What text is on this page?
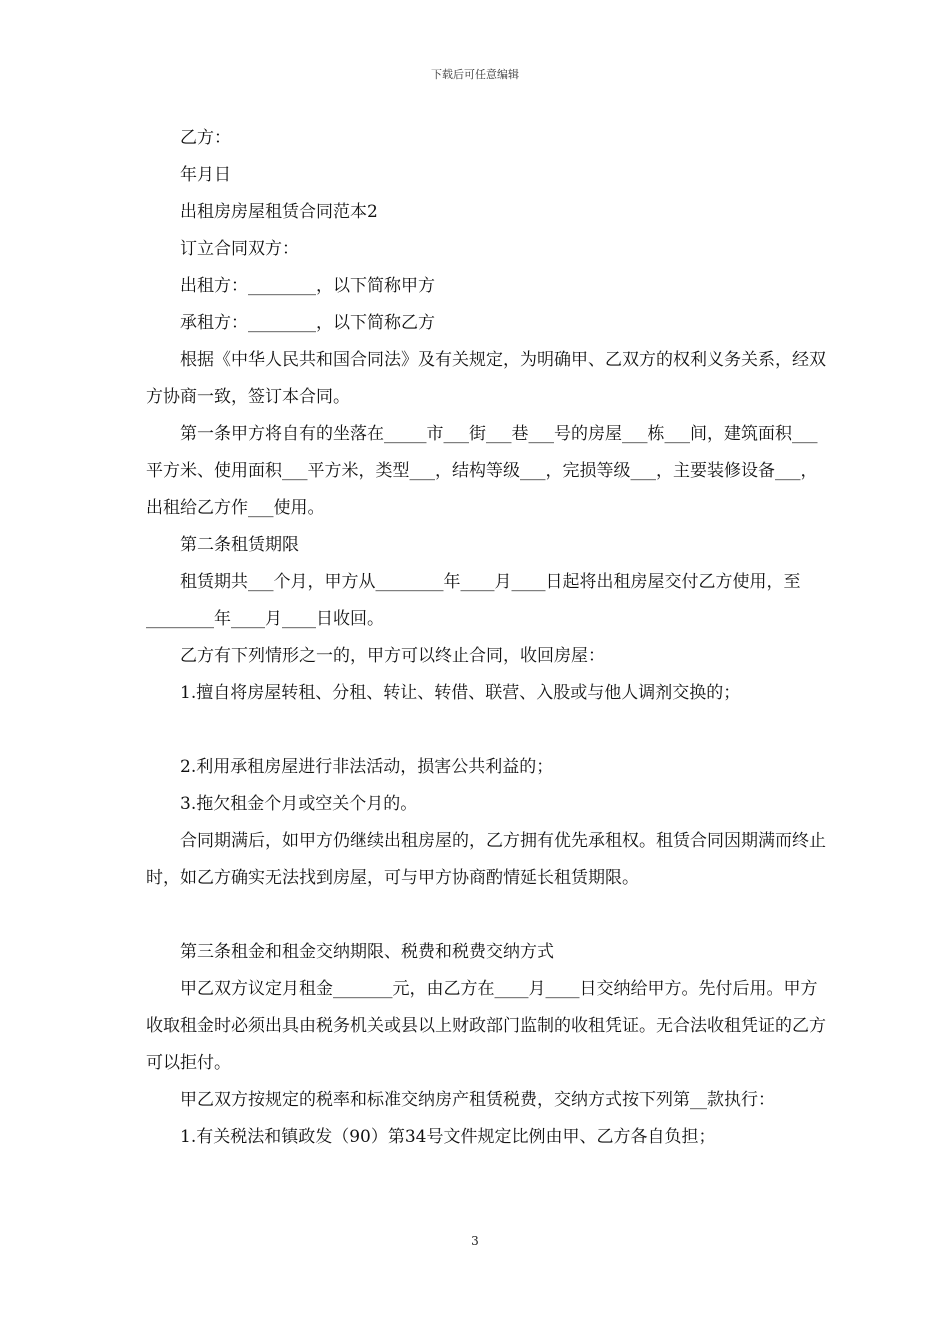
下载后可任意编辑

乙方：

年月日

出租房房屋租赁合同范本2

订立合同双方：

出租方：________，以下简称甲方

承租方：________，以下简称乙方

根据《中华人民共和国合同法》及有关规定，为明确甲、乙双方的权利义务关系，经双方协商一致，签订本合同。

第一条甲方将自有的坐落在_____市___街___巷___号的房屋___栋___间，建筑面积___平方米、使用面积___平方米，类型___，结构等级___，完损等级___，主要装修设备___，出租给乙方作___使用。

第二条租赁期限

租赁期共___个月，甲方从________年____月____日起将出租房屋交付乙方使用，至________年____月____日收回。

乙方有下列情形之一的，甲方可以终止合同，收回房屋：

1.擅自将房屋转租、分租、转让、转借、联营、入股或与他人调剂交换的；

2.利用承租房屋进行非法活动，损害公共利益的；

3.拖欠租金个月或空关个月的。

合同期满后，如甲方仍继续出租房屋的，乙方拥有优先承租权。租赁合同因期满而终止时，如乙方确实无法找到房屋，可与甲方协商酌情延长租赁期限。

第三条租金和租金交纳期限、税费和税费交纳方式

甲乙双方议定月租金_______元，由乙方在____月____日交纳给甲方。先付后用。甲方收取租金时必须出具由税务机关或县以上财政部门监制的收租凭证。无合法收租凭证的乙方可以拒付。

甲乙双方按规定的税率和标准交纳房产租赁税费，交纳方式按下列第__款执行：

1.有关税法和镇政发（90）第34号文件规定比例由甲、乙方各自负担；

3
